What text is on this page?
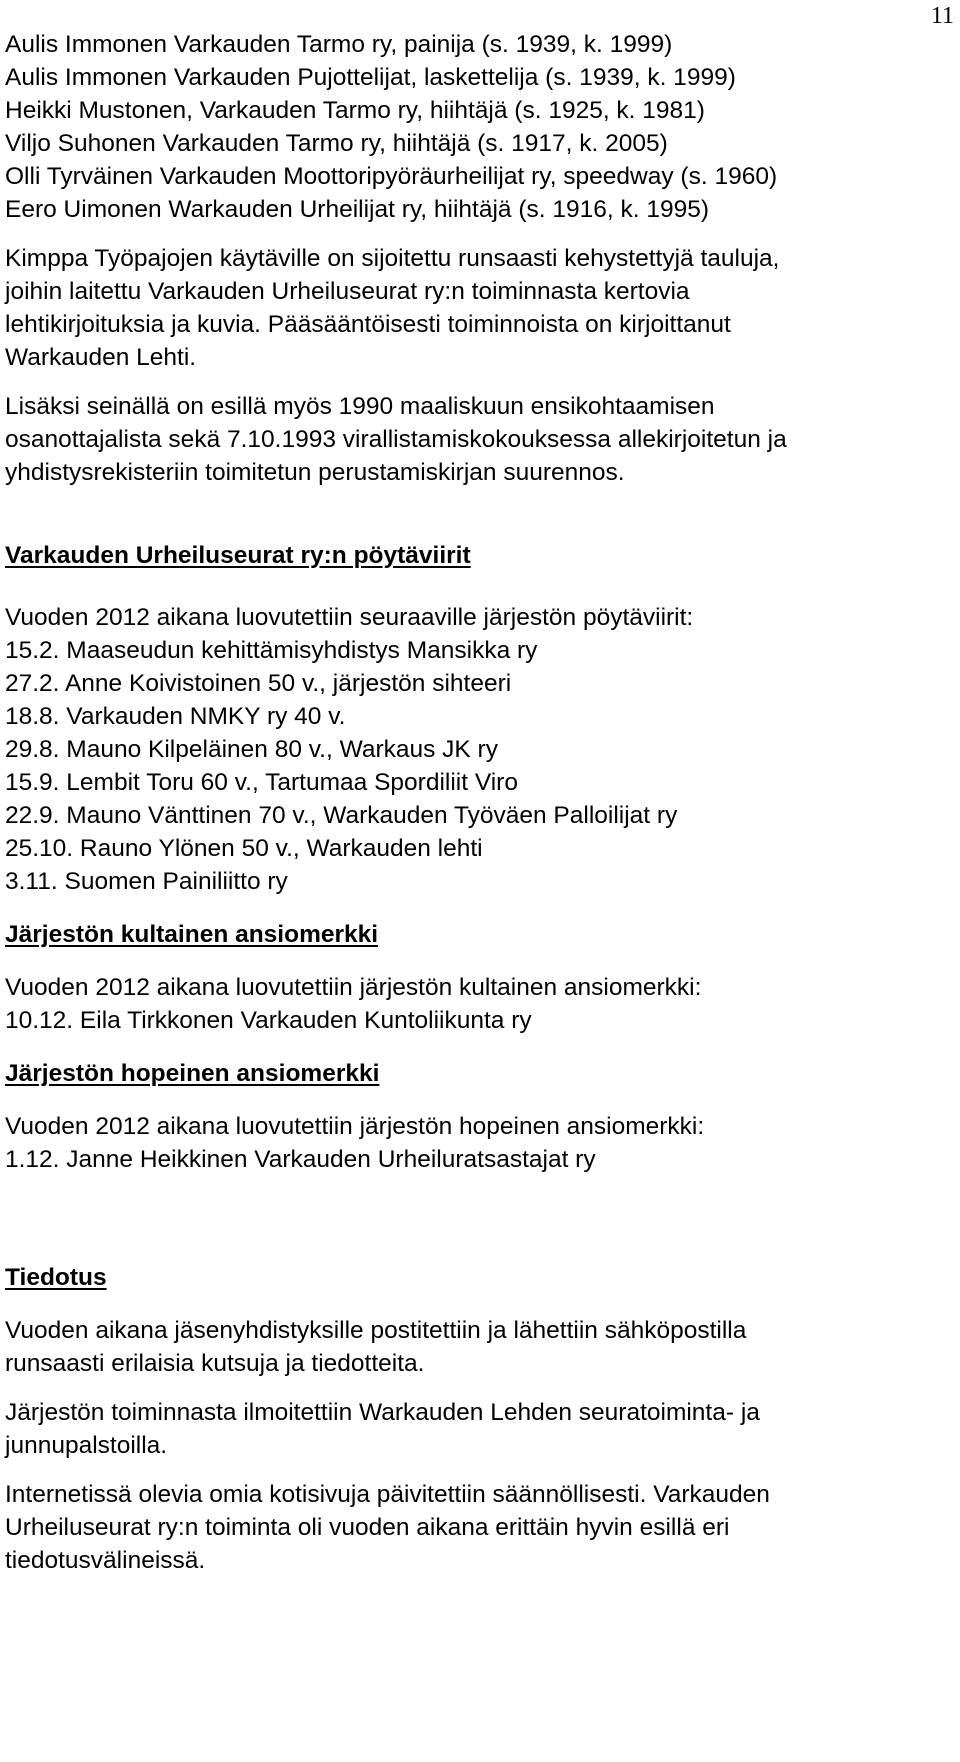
11
Aulis Immonen Varkauden Tarmo ry, painija (s. 1939, k. 1999)
Aulis Immonen Varkauden Pujottelijat, laskettelija (s. 1939, k. 1999)
Heikki Mustonen, Varkauden Tarmo ry, hiihtäjä (s. 1925, k. 1981)
Viljo Suhonen Varkauden Tarmo ry, hiihtäjä (s. 1917, k. 2005)
Olli Tyrväinen Varkauden Moottoripyöräurheilijat ry, speedway (s. 1960)
Eero Uimonen Warkauden Urheilijat ry, hiihtäjä (s. 1916, k. 1995)
Kimppa Työpajojen käytäville on sijoitettu runsaasti kehystettyjä tauluja,
joihin laitettu Varkauden Urheiluseurat ry:n toiminnasta kertovia
lehtikirjoituksia ja kuvia. Pääsääntöisesti toiminnoista on kirjoittanut
Warkauden Lehti.
Lisäksi seinällä on esillä myös 1990 maaliskuun ensikohtaamisen
osanottajalista sekä 7.10.1993 virallistamiskokouksessa allekirjoitetun ja
yhdistysrekisteriin toimitetun perustamiskirjan suurennos.
Varkauden Urheiluseurat ry:n pöytäviirit
Vuoden 2012 aikana luovutettiin seuraaville järjestön pöytäviirit:
15.2. Maaseudun kehittämisyhdistys Mansikka ry
27.2. Anne Koivistoinen 50 v., järjestön sihteeri
18.8. Varkauden NMKY ry 40 v.
29.8. Mauno Kilpeläinen 80 v., Warkaus JK ry
15.9. Lembit Toru 60 v., Tartumaa Spordiliit Viro
22.9. Mauno Vänttinen 70 v., Warkauden Työväen Palloilijat ry
25.10. Rauno Ylönen 50 v., Warkauden lehti
3.11. Suomen Painiliitto ry
Järjestön kultainen ansiomerkki
Vuoden 2012 aikana luovutettiin järjestön kultainen ansiomerkki:
10.12. Eila Tirkkonen Varkauden Kuntoliikunta ry
Järjestön hopeinen ansiomerkki
Vuoden 2012 aikana luovutettiin järjestön hopeinen ansiomerkki:
1.12. Janne Heikkinen Varkauden Urheiluratsastajat ry
Tiedotus
Vuoden aikana jäsenyhdistyksille postitettiin ja lähettiin sähköpostilla
runsaasti erilaisia kutsuja ja tiedotteita.
Järjestön toiminnasta ilmoitettiin Warkauden Lehden seuratoiminta- ja
junnupalstoilla.
Internetissä olevia omia kotisivuja päivitettiin säännöllisesti. Varkauden
Urheiluseurat ry:n toiminta oli vuoden aikana erittäin hyvin esillä eri
tiedotusvälineissä.
